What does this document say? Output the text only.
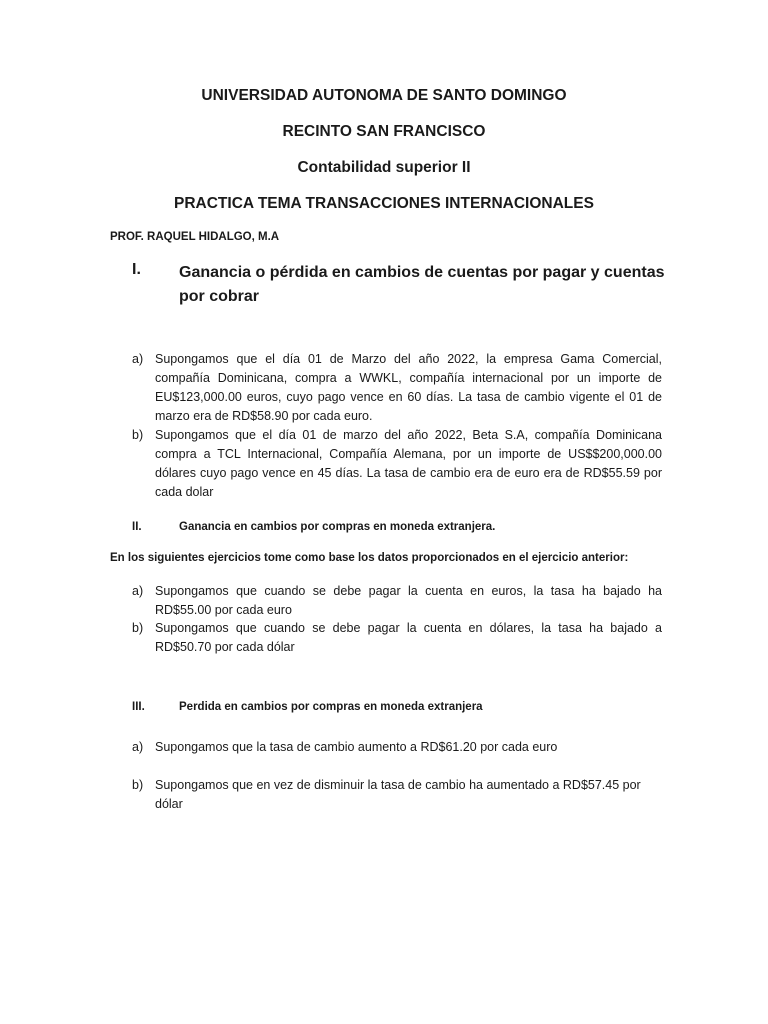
UNIVERSIDAD AUTONOMA DE SANTO DOMINGO
RECINTO SAN FRANCISCO
Contabilidad superior II
PRACTICA TEMA TRANSACCIONES INTERNACIONALES
PROF. RAQUEL HIDALGO, M.A
I. Ganancia o pérdida en cambios de cuentas por pagar y cuentas por cobrar
a) Supongamos que el día 01 de Marzo del año 2022, la empresa Gama Comercial, compañía Dominicana, compra a WWKL, compañía internacional por un importe de EU$123,000.00 euros, cuyo pago vence en 60 días. La tasa de cambio vigente el 01 de marzo era de RD$58.90 por cada euro.
b) Supongamos que el día 01 de marzo del año 2022, Beta S.A, compañía Dominicana compra a TCL Internacional, Compañía Alemana, por un importe de US$$200,000.00 dólares cuyo pago vence en 45 días. La tasa de cambio era de euro era de RD$55.59 por cada dolar
II.	Ganancia en cambios por compras en moneda extranjera.
En los siguientes ejercicios tome como base los datos proporcionados en el ejercicio anterior:
a) Supongamos que cuando se debe pagar la cuenta en euros, la tasa ha bajado ha RD$55.00 por cada euro
b) Supongamos que cuando se debe pagar la cuenta en dólares, la tasa ha bajado a RD$50.70 por cada dólar
III.	Perdida en cambios por compras en moneda extranjera
a) Supongamos que la tasa de cambio aumento a RD$61.20 por cada euro
b) Supongamos que en vez de disminuir la tasa de cambio ha aumentado a RD$57.45 por dólar
